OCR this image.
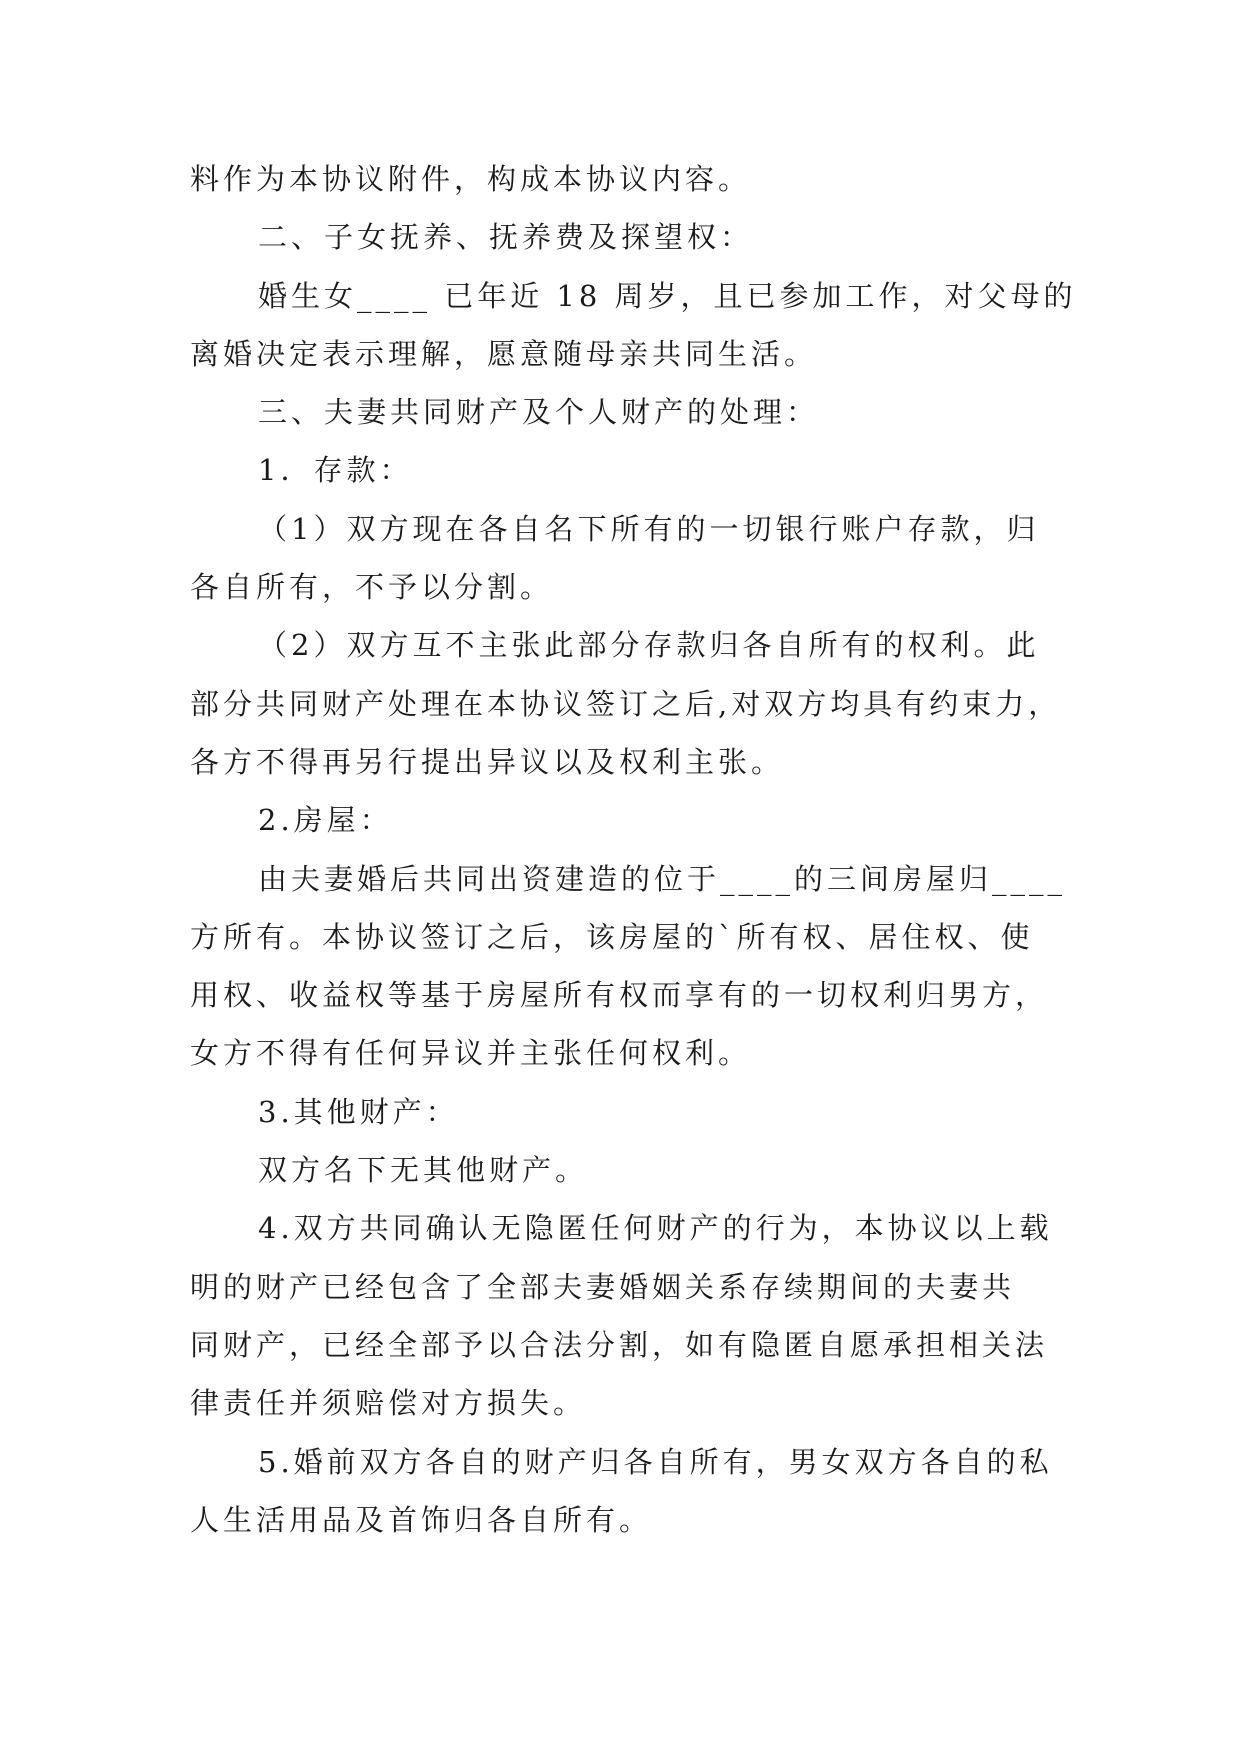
料作为本协议附件，构成本协议内容。
二、子女抚养、抚养费及探望权：
婚生女____ 已年近 18 周岁，且已参加工作，对父母的
离婚决定表示理解，愿意随母亲共同生活。
三、夫妻共同财产及个人财产的处理：
1．存款：
（1）双方现在各自名下所有的一切银行账户存款，归
各自所有，不予以分割。
（2）双方互不主张此部分存款归各自所有的权利。此
部分共同财产处理在本协议签订之后,对双方均具有约束力，
各方不得再另行提出异议以及权利主张。
2.房屋：
由夫妻婚后共同出资建造的位于____的三间房屋归____
方所有。本协议签订之后，该房屋的`所有权、居住权、使
用权、收益权等基于房屋所有权而享有的一切权利归男方，
女方不得有任何异议并主张任何权利。
3.其他财产：
双方名下无其他财产。
4.双方共同确认无隐匿任何财产的行为，本协议以上载
明的财产已经包含了全部夫妻婚姻关系存续期间的夫妻共
同财产，已经全部予以合法分割，如有隐匿自愿承担相关法
律责任并须赔偿对方损失。
5.婚前双方各自的财产归各自所有，男女双方各自的私
人生活用品及首饰归各自所有。
